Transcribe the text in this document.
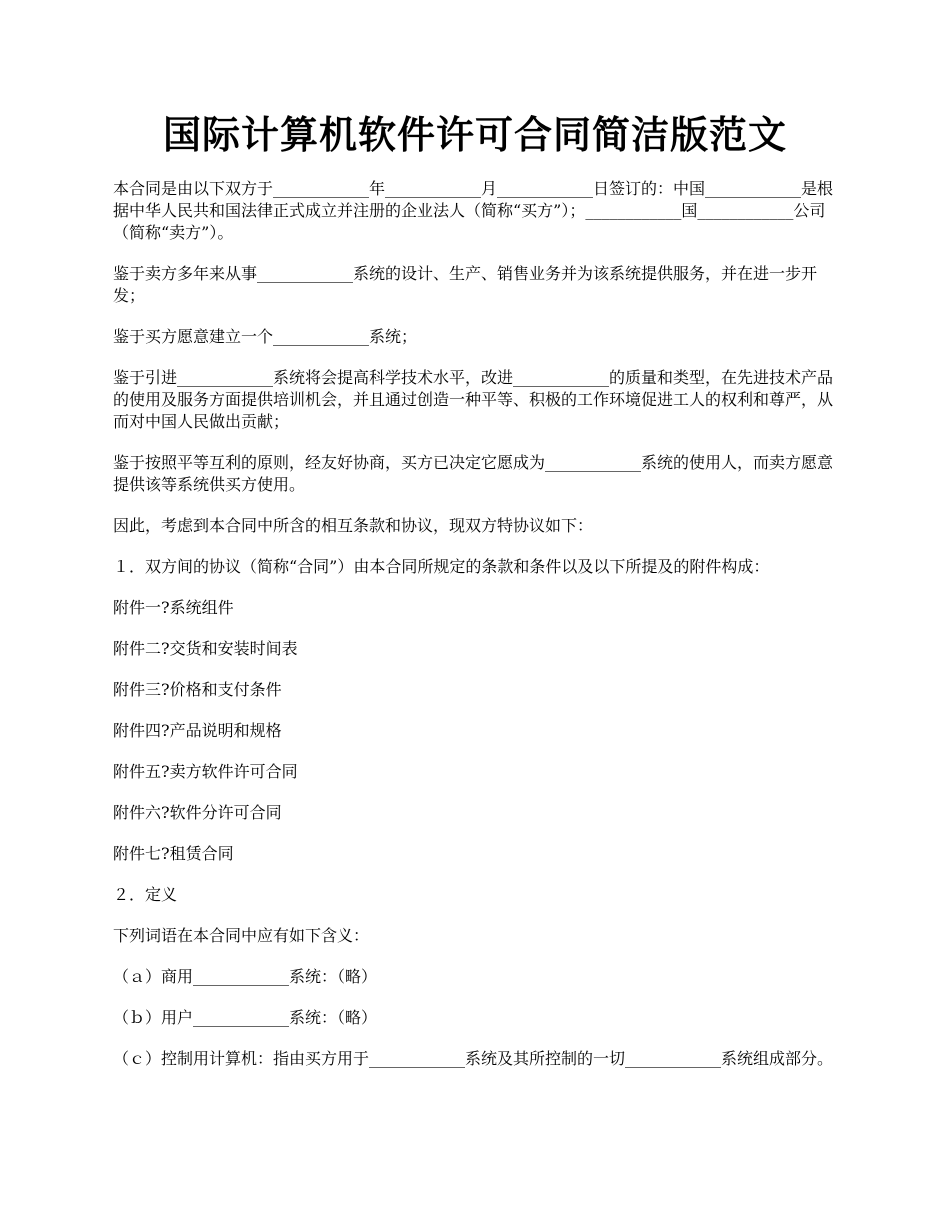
国际计算机软件许可合同简洁版范文

本合同是由以下双方于____________年____________月____________日签订的：中国____________是根据中华人民共和国法律正式成立并注册的企业法人（简称“买方”）；____________国____________公司（简称“卖方”）。

鉴于卖方多年来从事____________系统的设计、生产、销售业务并为该系统提供服务，并在进一步开发；

鉴于买方愿意建立一个____________系统；

鉴于引进____________系统将会提高科学技术水平，改进____________的质量和类型，在先进技术产品的使用及服务方面提供培训机会，并且通过创造一种平等、积极的工作环境促进工人的权利和尊严，从而对中国人民做出贡献；

鉴于按照平等互利的原则，经友好协商，买方已决定它愿成为____________系统的使用人，而卖方愿意提供该等系统供买方使用。

因此，考虑到本合同中所含的相互条款和协议，现双方特协议如下：

１．双方间的协议（简称“合同”）由本合同所规定的条款和条件以及以下所提及的附件构成：

附件一?系统组件

附件二?交货和安装时间表

附件三?价格和支付条件

附件四?产品说明和规格

附件五?卖方软件许可合同

附件六?软件分许可合同

附件七?租赁合同

２．定义

下列词语在本合同中应有如下含义：

（ａ）商用____________系统：（略）

（ｂ）用户____________系统：（略）

（ｃ）控制用计算机：指由买方用于____________系统及其所控制的一切____________系统组成部分。
